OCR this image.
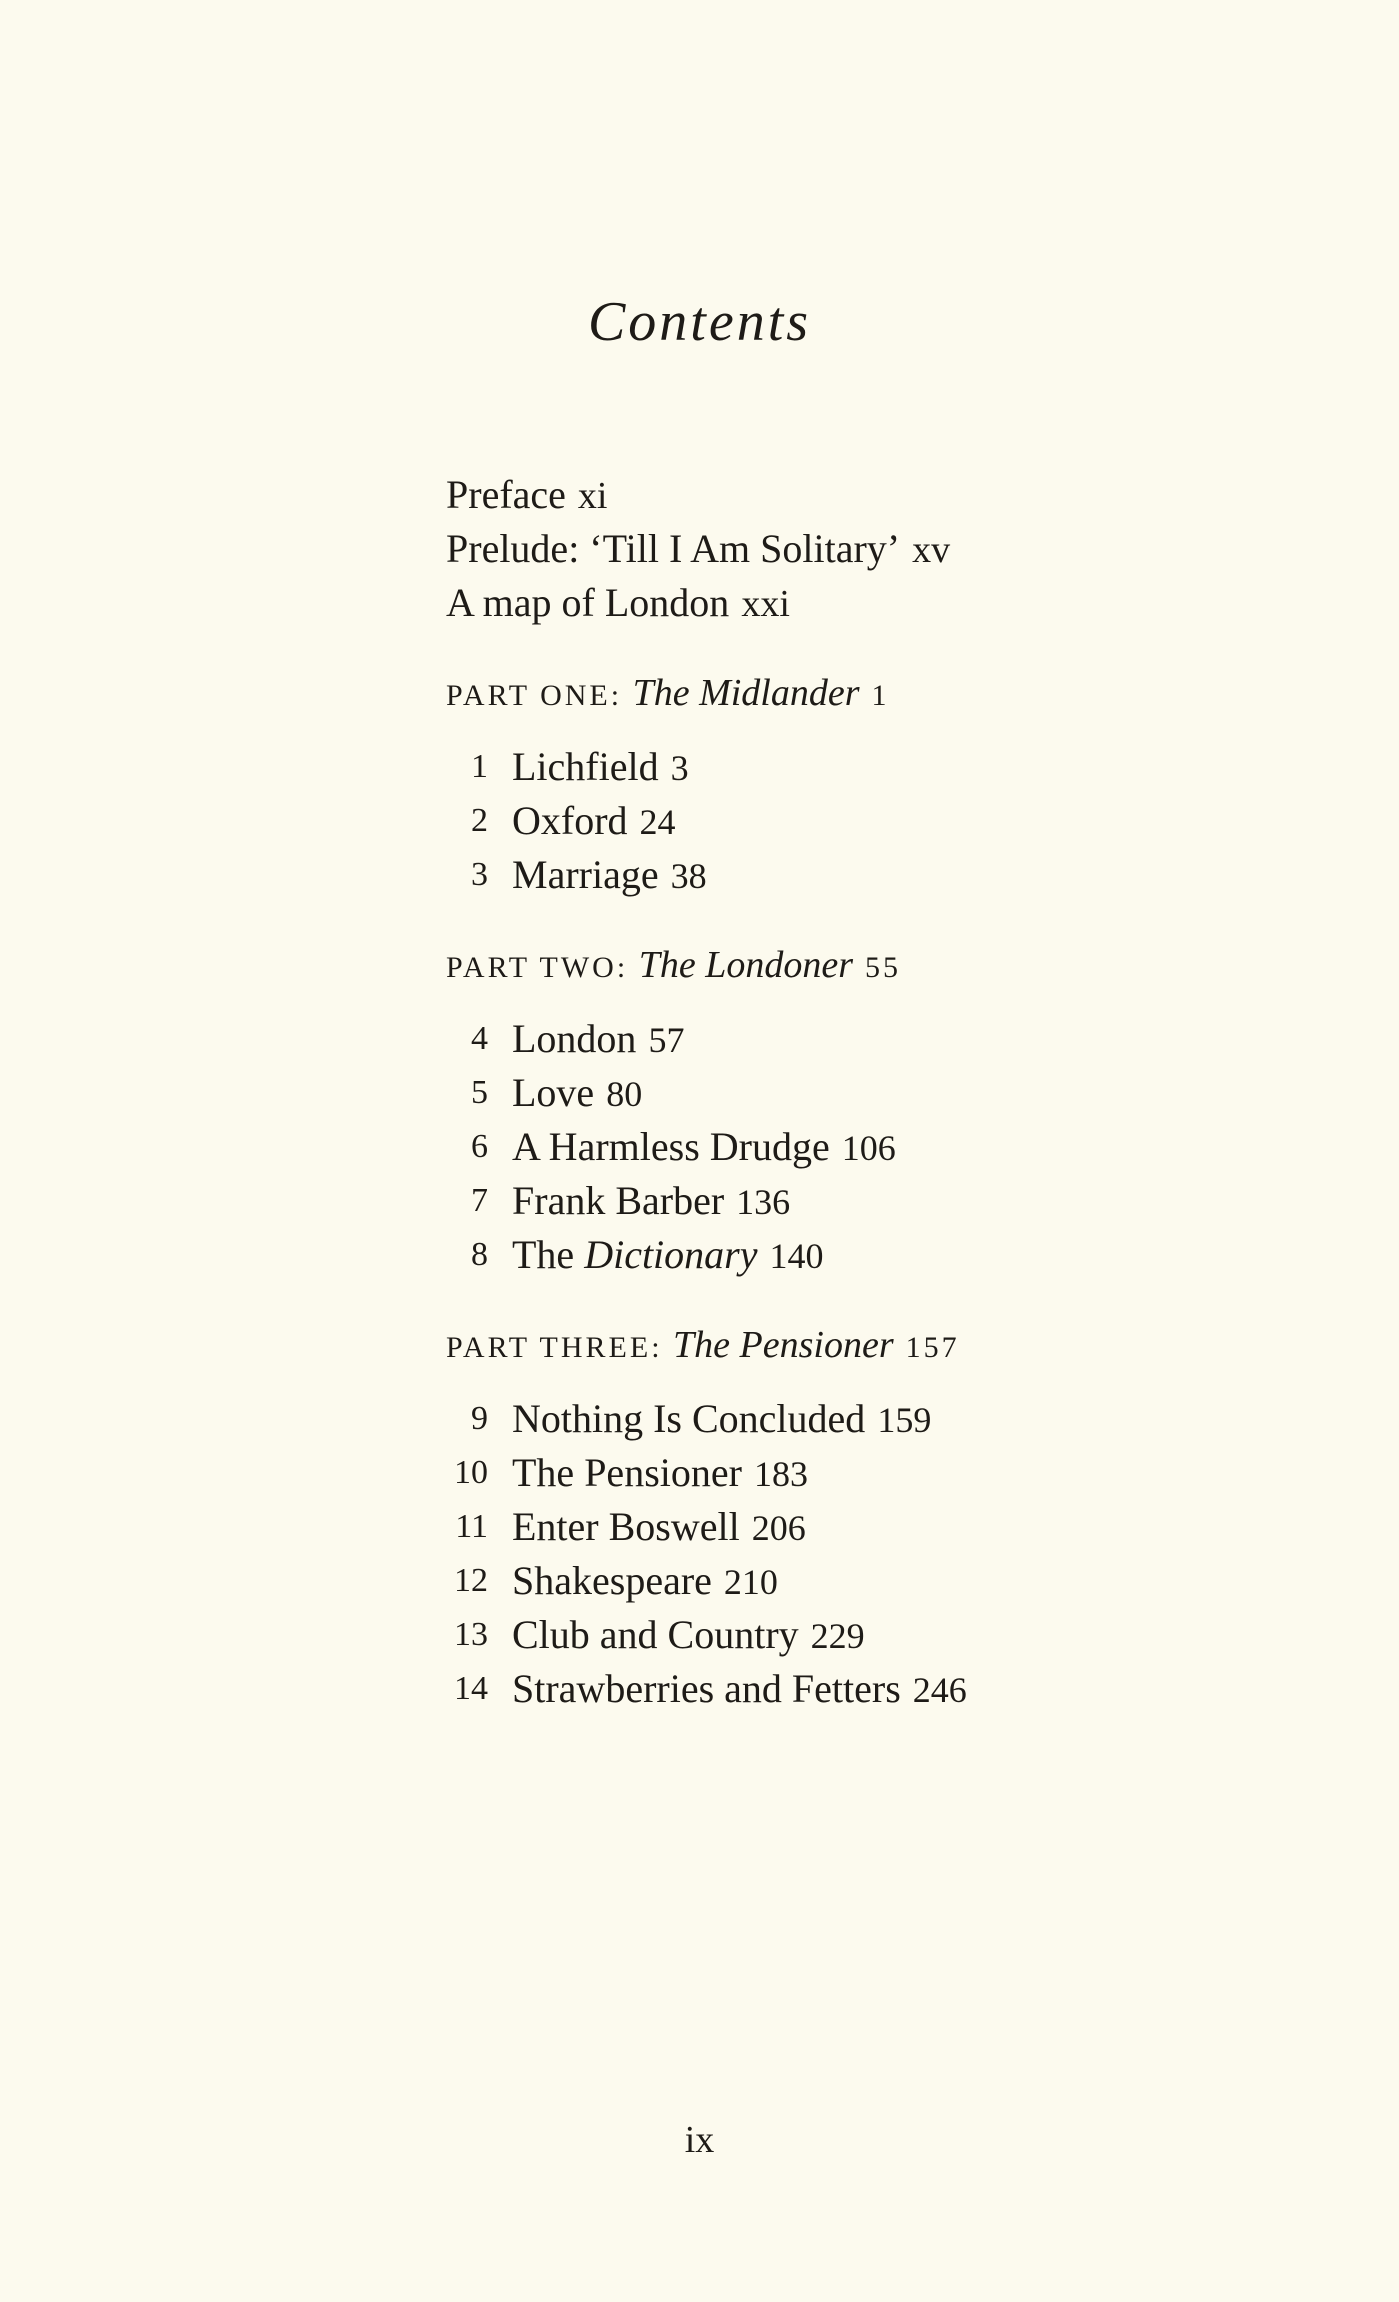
Contents
Preface xi
Prelude: ‘Till I Am Solitary’ xv
A map of London xxi
PART ONE: The Midlander 1
1 Lichfield 3
2 Oxford 24
3 Marriage 38
PART TWO: The Londoner 55
4 London 57
5 Love 80
6 A Harmless Drudge 106
7 Frank Barber 136
8 The Dictionary 140
PART THREE: The Pensioner 157
9 Nothing Is Concluded 159
10 The Pensioner 183
11 Enter Boswell 206
12 Shakespeare 210
13 Club and Country 229
14 Strawberries and Fetters 246
ix
